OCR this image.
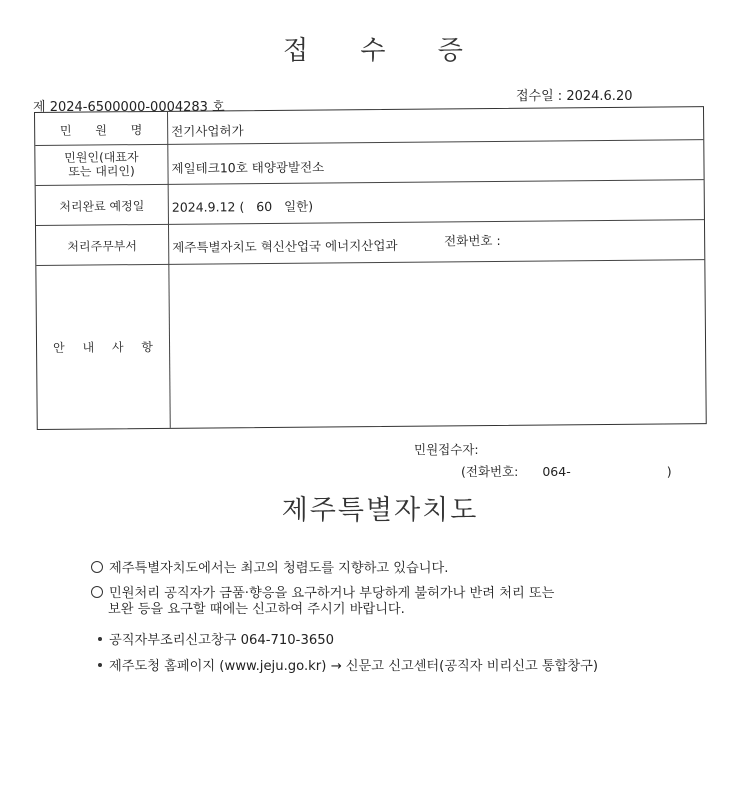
접 수 증
접수일 : 2024.6.20
제 2024-6500000-0004283 호
민 원 명	전기사업허가
민원인(대표자
또는 대리인)	제일테크10호 태양광발전소
처리완료 예정일	2024.9.12 (   60   일한)
처리주무부서	제주특별자치도 혁신산업국 에너지산업과	전화번호 :
안 내 사 항
민원접수자:
(전화번호: 064-	)
제주특별자치도
제주특별자치도에서는 최고의 청렴도를 지향하고 있습니다.
민원처리 공직자가 금품·향응을 요구하거나 부당하게 불허가나 반려 처리 또는
보완 등을 요구할 때에는 신고하여 주시기 바랍니다.
공직자부조리신고창구 064-710-3650
제주도청 홈페이지 (www.jeju.go.kr) → 신문고 신고센터(공직자 비리신고 통합창구)
